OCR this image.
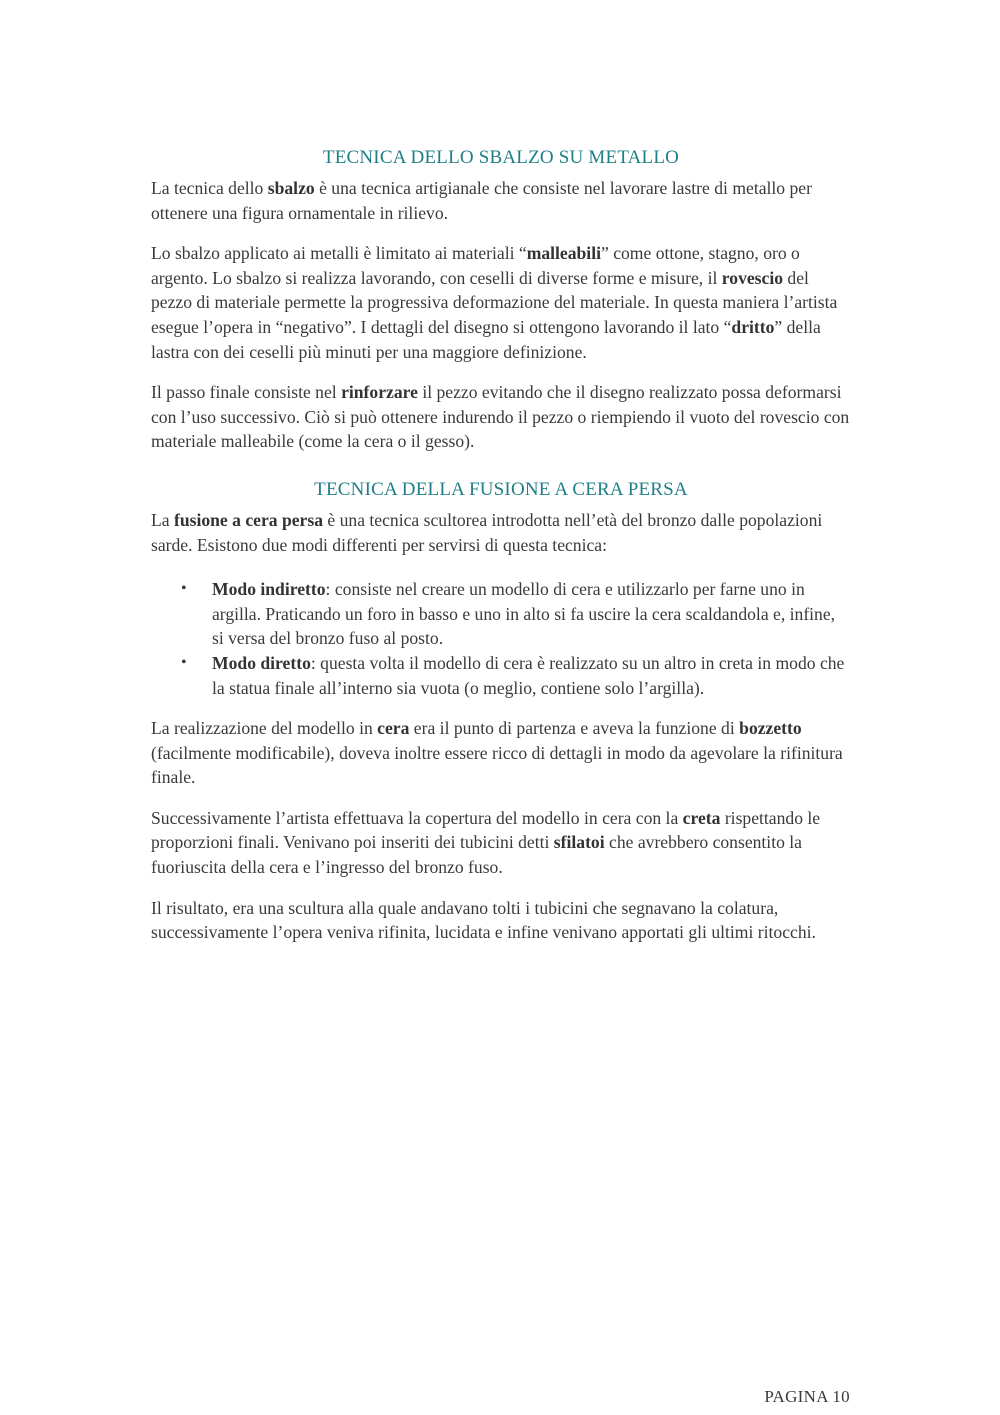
TECNICA DELLO SBALZO SU METALLO

La tecnica dello sbalzo è una tecnica artigianale che consiste nel lavorare lastre di metallo per ottenere una figura ornamentale in rilievo.

Lo sbalzo applicato ai metalli è limitato ai materiali “malleabili” come ottone, stagno, oro o argento. Lo sbalzo si realizza lavorando, con ceselli di diverse forme e misure, il rovescio del pezzo di materiale permette la progressiva deformazione del materiale. In questa maniera l’artista esegue l’opera in “negativo”. I dettagli del disegno si ottengono lavorando il lato “dritto” della lastra con dei ceselli più minuti per una maggiore definizione.

Il passo finale consiste nel rinforzare il pezzo evitando che il disegno realizzato possa deformarsi con l’uso successivo. Ciò si può ottenere indurendo il pezzo o riempiendo il vuoto del rovescio con materiale malleabile (come la cera o il gesso).

TECNICA DELLA FUSIONE A CERA PERSA

La fusione a cera persa è una tecnica scultorea introdotta nell’età del bronzo dalle popolazioni sarde. Esistono due modi differenti per servirsi di questa tecnica:

• Modo indiretto: consiste nel creare un modello di cera e utilizzarlo per farne uno in argilla. Praticando un foro in basso e uno in alto si fa uscire la cera scaldandola e, infine, si versa del bronzo fuso al posto.
• Modo diretto: questa volta il modello di cera è realizzato su un altro in creta in modo che la statua finale all’interno sia vuota (o meglio, contiene solo l’argilla).

La realizzazione del modello in cera era il punto di partenza e aveva la funzione di bozzetto (facilmente modificabile), doveva inoltre essere ricco di dettagli in modo da agevolare la rifinitura finale.

Successivamente l’artista effettuava la copertura del modello in cera con la creta rispettando le proporzioni finali. Venivano poi inseriti dei tubicini detti sfilatoi che avrebbero consentito la fuoriuscita della cera e l’ingresso del bronzo fuso.

Il risultato, era una scultura alla quale andavano tolti i tubicini che segnavano la colatura, successivamente l’opera veniva rifinita, lucidata e infine venivano apportati gli ultimi ritocchi.

PAGINA 10
